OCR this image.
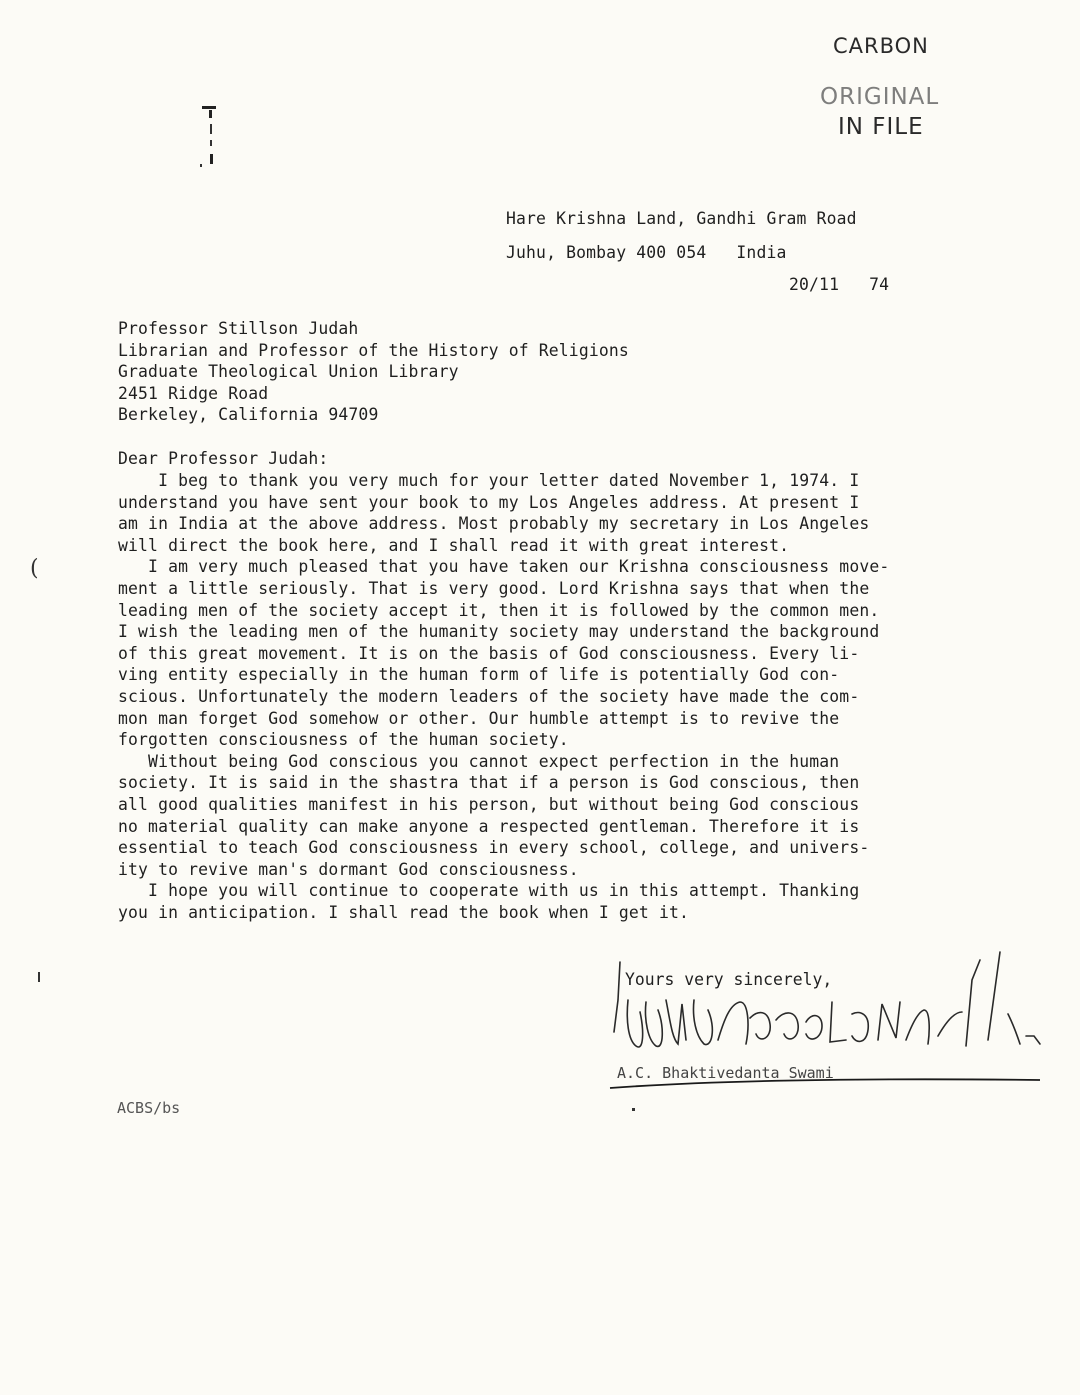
CARBON
ORIGINAL
IN FILE
Hare Krishna Land, Gandhi Gram Road
Juhu, Bombay 400 054   India
20/11   74
Professor Stillson Judah
Librarian and Professor of the History of Religions
Graduate Theological Union Library
2451 Ridge Road
Berkeley, California 94709
Dear Professor Judah:
(
I beg to thank you very much for your letter dated November 1, 1974. I
understand you have sent your book to my Los Angeles address. At present I
am in India at the above address. Most probably my secretary in Los Angeles
will direct the book here, and I shall read it with great interest.
I am very much pleased that you have taken our Krishna consciousness move-
ment a little seriously. That is very good. Lord Krishna says that when the
leading men of the society accept it, then it is followed by the common men.
I wish the leading men of the humanity society may understand the background
of this great movement. It is on the basis of God consciousness. Every li-
ving entity especially in the human form of life is potentially God con-
scious. Unfortunately the modern leaders of the society have made the com-
mon man forget God somehow or other. Our humble attempt is to revive the
forgotten consciousness of the human society.
Without being God conscious you cannot expect perfection in the human
society. It is said in the shastra that if a person is God conscious, then
all good qualities manifest in his person, but without being God conscious
no material quality can make anyone a respected gentleman. Therefore it is
essential to teach God consciousness in every school, college, and univers-
ity to revive man's dormant God consciousness.
I hope you will continue to cooperate with us in this attempt. Thanking
you in anticipation. I shall read the book when I get it.
Yours very sincerely,
A.C. Bhaktivedanta Swami
ACBS/bs
